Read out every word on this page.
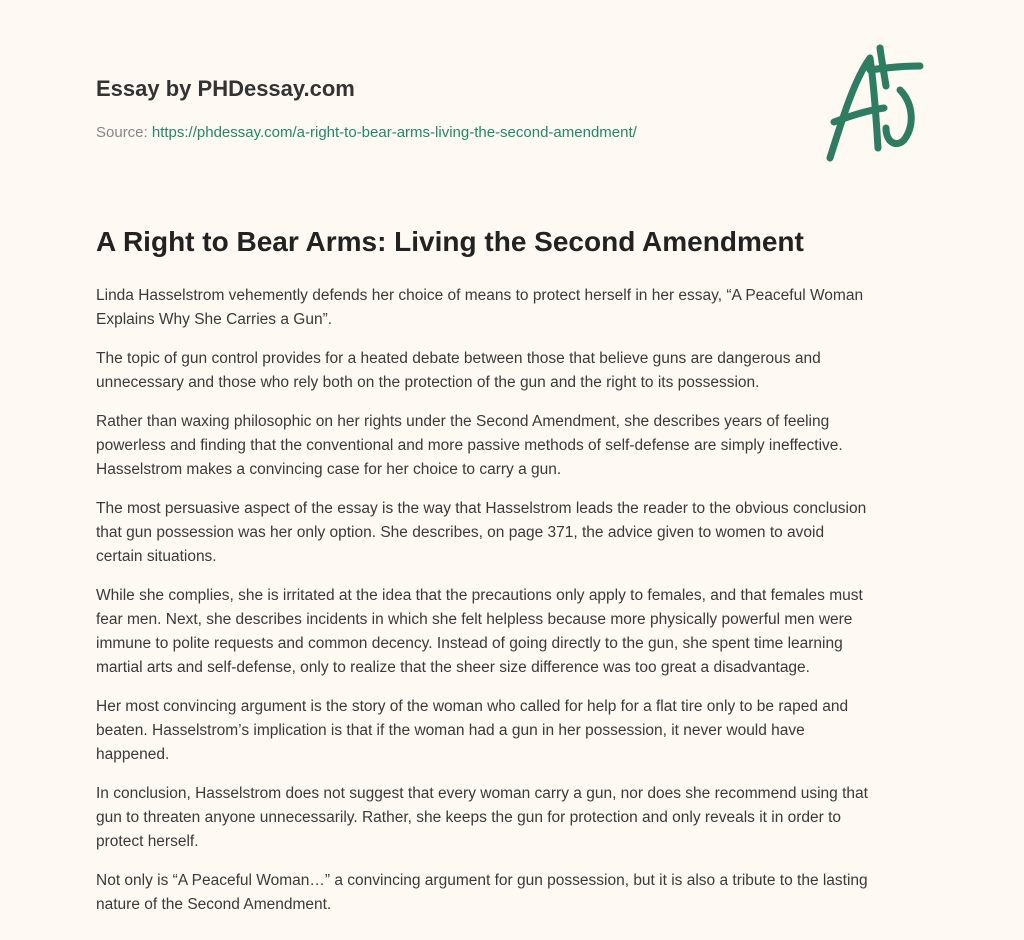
Essay by PHDessay.com
Source: https://phdessay.com/a-right-to-bear-arms-living-the-second-amendment/
A Right to Bear Arms: Living the Second Amendment

Linda Hasselstrom vehemently defends her choice of means to protect herself in her essay, “A Peaceful Woman
Explains Why She Carries a Gun”.

The topic of gun control provides for a heated debate between those that believe guns are dangerous and
unnecessary and those who rely both on the protection of the gun and the right to its possession.

Rather than waxing philosophic on her rights under the Second Amendment, she describes years of feeling
powerless and finding that the conventional and more passive methods of self-defense are simply ineffective.
Hasselstrom makes a convincing case for her choice to carry a gun.

The most persuasive aspect of the essay is the way that Hasselstrom leads the reader to the obvious conclusion
that gun possession was her only option. She describes, on page 371, the advice given to women to avoid
certain situations.

While she complies, she is irritated at the idea that the precautions only apply to females, and that females must
fear men. Next, she describes incidents in which she felt helpless because more physically powerful men were
immune to polite requests and common decency. Instead of going directly to the gun, she spent time learning
martial arts and self-defense, only to realize that the sheer size difference was too great a disadvantage.

Her most convincing argument is the story of the woman who called for help for a flat tire only to be raped and
beaten. Hasselstrom’s implication is that if the woman had a gun in her possession, it never would have
happened.

In conclusion, Hasselstrom does not suggest that every woman carry a gun, nor does she recommend using that
gun to threaten anyone unnecessarily. Rather, she keeps the gun for protection and only reveals it in order to
protect herself.

Not only is “A Peaceful Woman…” a convincing argument for gun possession, but it is also a tribute to the lasting
nature of the Second Amendment.
